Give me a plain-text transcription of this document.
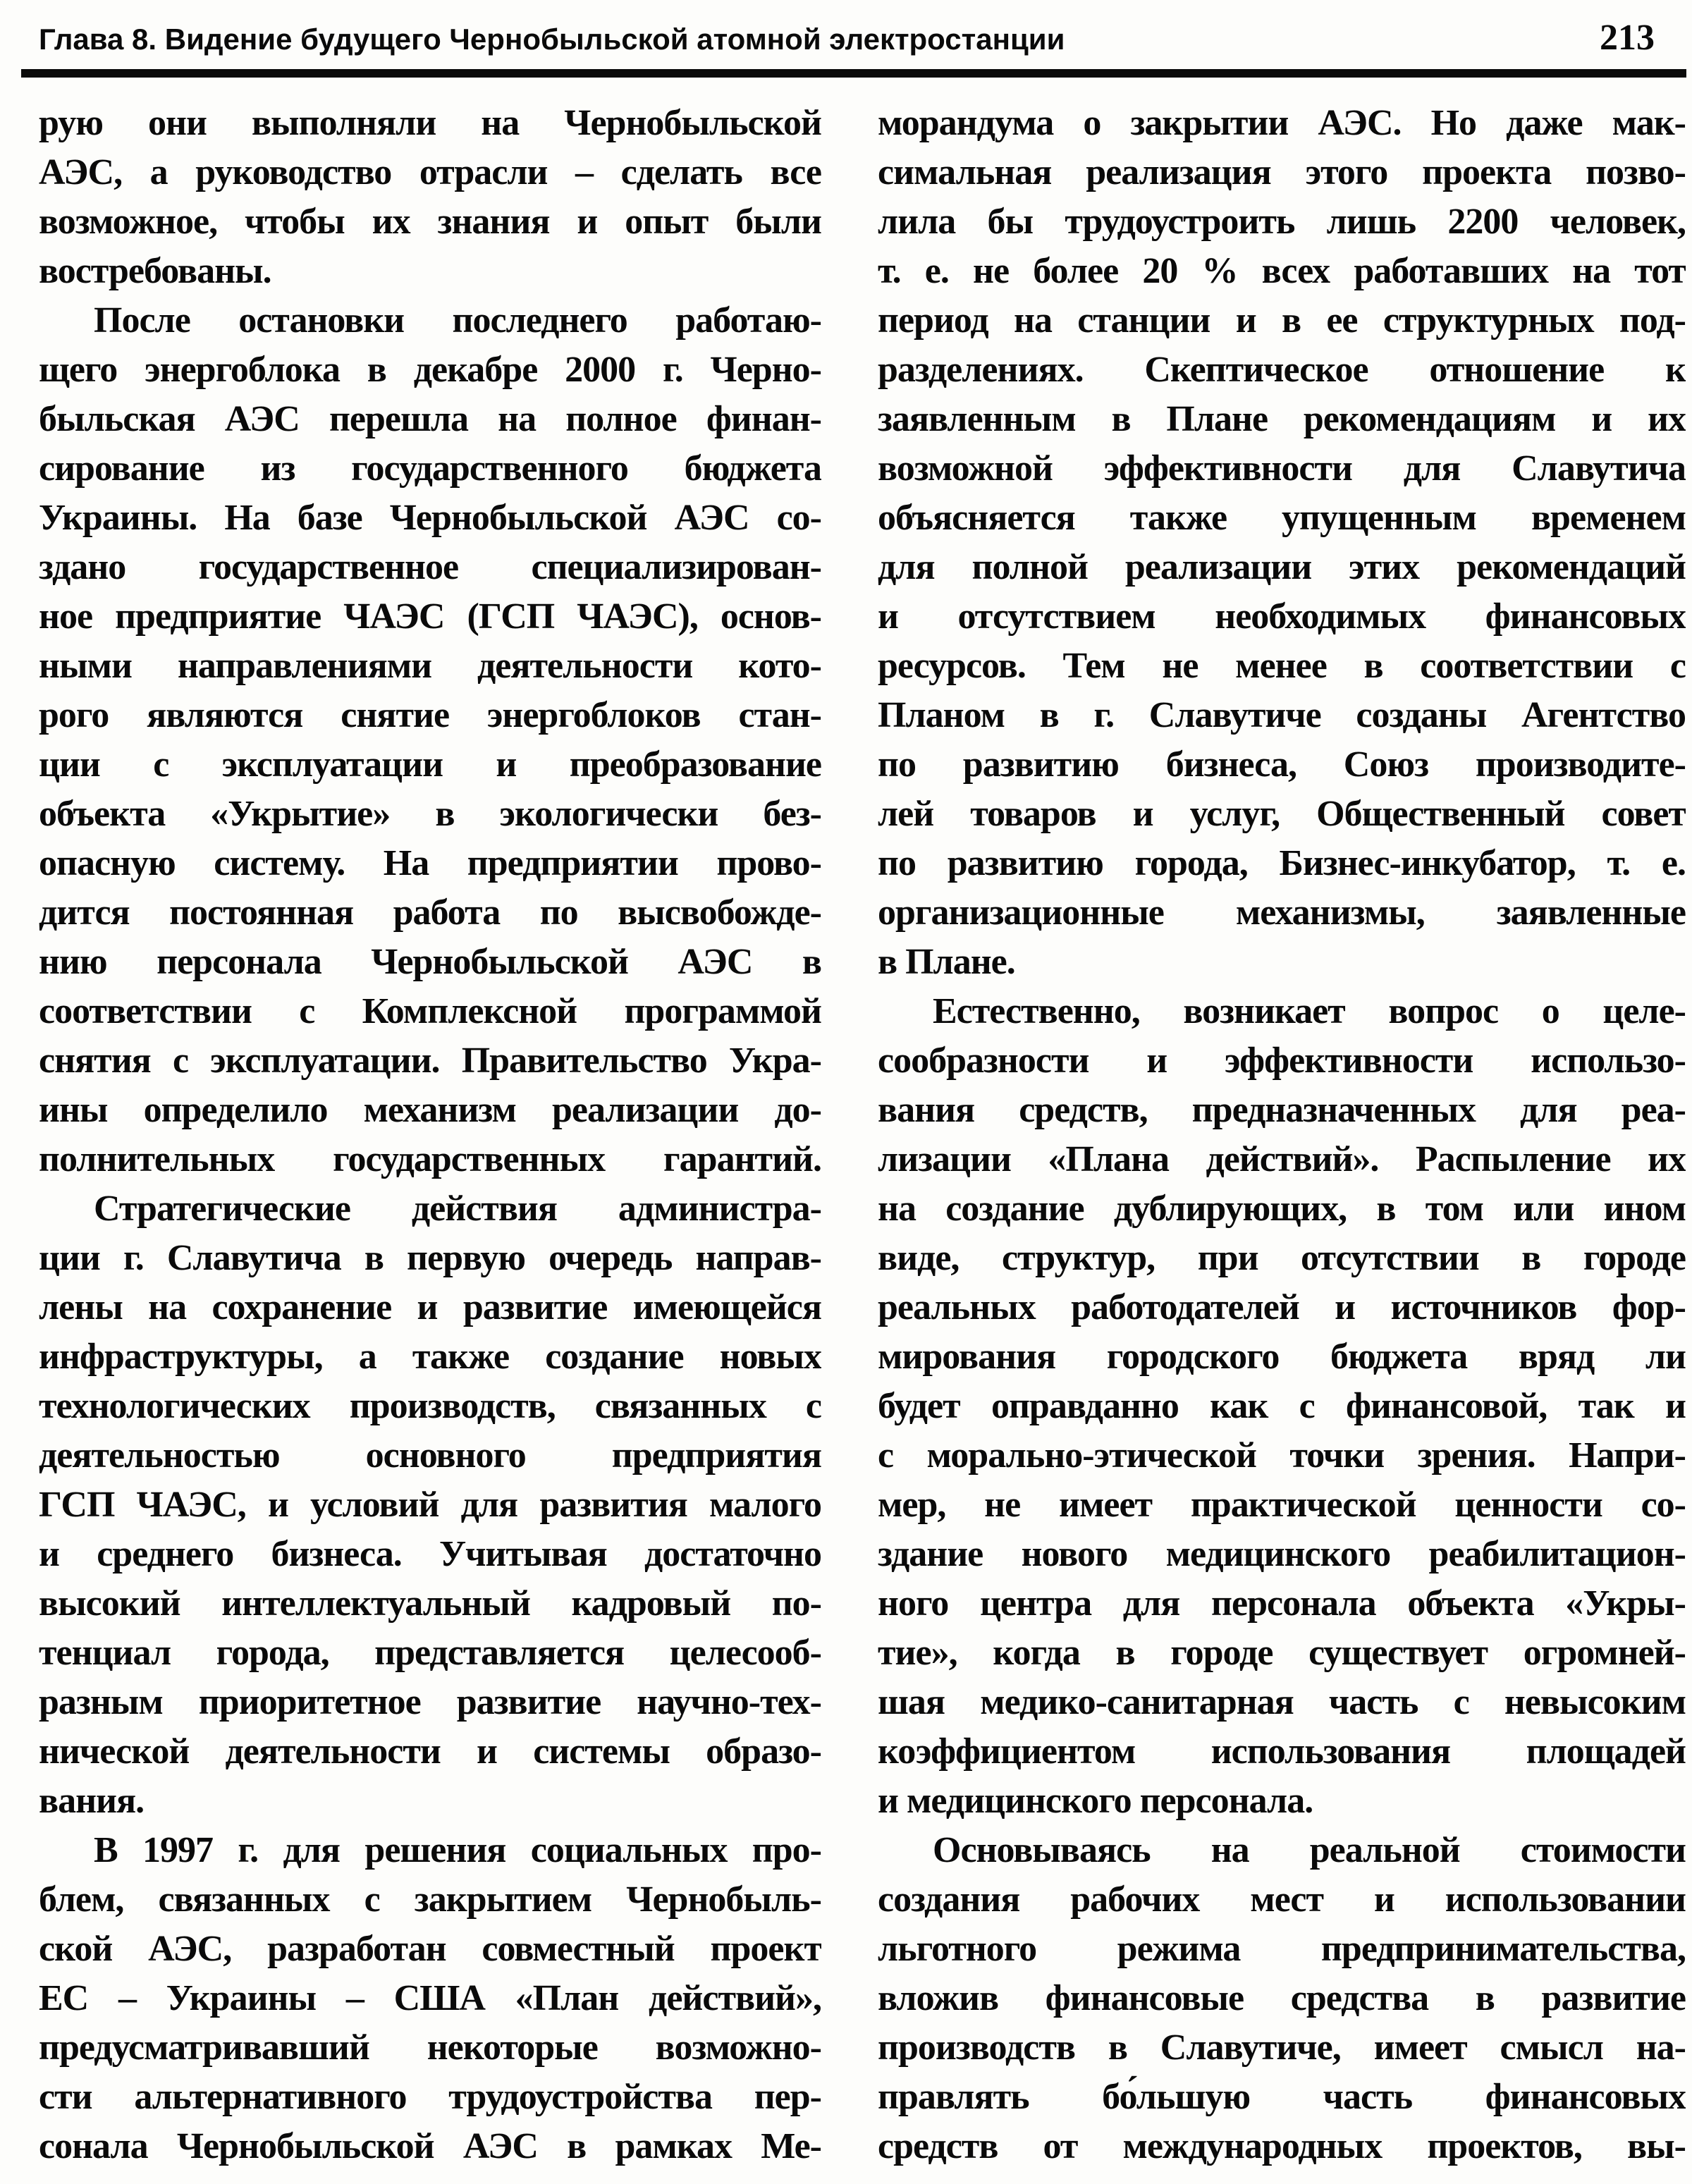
Глава 8. Видение будущего Чернобыльской атомной электростанции	213
рую они выполняли на Чернобыльской
АЭС, а руководство отрасли – сделать все
возможное, чтобы их знания и опыт были
востребованы.
После остановки последнего работаю-
щего энергоблока в декабре 2000 г. Черно-
быльская АЭС перешла на полное финан-
сирование из государственного бюджета
Украины. На базе Чернобыльской АЭС со-
здано государственное специализирован-
ное предприятие ЧАЭС (ГСП ЧАЭС), основ-
ными направлениями деятельности кото-
рого являются снятие энергоблоков стан-
ции с эксплуатации и преобразование
объекта «Укрытие» в экологически без-
опасную систему. На предприятии прово-
дится постоянная работа по высвобожде-
нию персонала Чернобыльской АЭС в
соответствии с Комплексной программой
снятия с эксплуатации. Правительство Укра-
ины определило механизм реализации до-
полнительных государственных гарантий.
Стратегические действия администра-
ции г. Славутича в первую очередь направ-
лены на сохранение и развитие имеющейся
инфраструктуры, а также создание новых
технологических производств, связанных с
деятельностью основного предприятия
ГСП ЧАЭС, и условий для развития малого
и среднего бизнеса. Учитывая достаточно
высокий интеллектуальный кадровый по-
тенциал города, представляется целесооб-
разным приоритетное развитие научно-тех-
нической деятельности и системы образо-
вания.
В 1997 г. для решения социальных про-
блем, связанных с закрытием Чернобыль-
ской АЭС, разработан совместный проект
ЕС – Украины – США «План действий»,
предусматривавший некоторые возможно-
сти альтернативного трудоустройства пер-
сонала Чернобыльской АЭС в рамках Ме-
морандума о закрытии АЭС. Но даже мак-
симальная реализация этого проекта позво-
лила бы трудоустроить лишь 2200 человек,
т. е. не более 20 % всех работавших на тот
период на станции и в ее структурных под-
разделениях. Скептическое отношение к
заявленным в Плане рекомендациям и их
возможной эффективности для Славутича
объясняется также упущенным временем
для полной реализации этих рекомендаций
и отсутствием необходимых финансовых
ресурсов. Тем не менее в соответствии с
Планом в г. Славутиче созданы Агентство
по развитию бизнеса, Союз производите-
лей товаров и услуг, Общественный совет
по развитию города, Бизнес-инкубатор, т. е.
организационные механизмы, заявленные
в Плане.
Естественно, возникает вопрос о целе-
сообразности и эффективности использо-
вания средств, предназначенных для реа-
лизации «Плана действий». Распыление их
на создание дублирующих, в том или ином
виде, структур, при отсутствии в городе
реальных работодателей и источников фор-
мирования городского бюджета вряд ли
будет оправданно как с финансовой, так и
с морально-этической точки зрения. Напри-
мер, не имеет практической ценности со-
здание нового медицинского реабилитацион-
ного центра для персонала объекта «Укры-
тие», когда в городе существует огромней-
шая медико-санитарная часть с невысоким
коэффициентом использования площадей
и медицинского персонала.
Основываясь на реальной стоимости
создания рабочих мест и использовании
льготного режима предпринимательства,
вложив финансовые средства в развитие
производств в Славутиче, имеет смысл на-
правлять бо́льшую часть финансовых
средств от международных проектов, вы-
